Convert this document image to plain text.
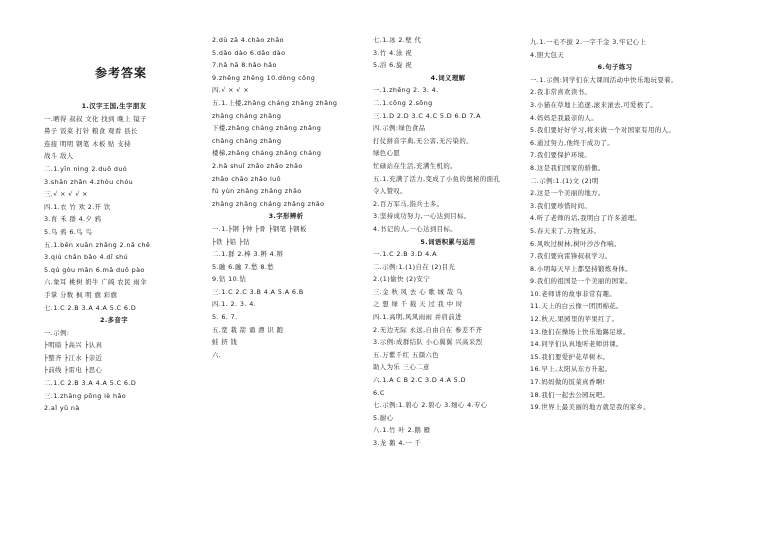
参考答案
1.汉字王国,生字朋友
一.晒得 叔叔 文化 找到 晚上 镜子
鼻子 饭菜 打针 粮食 观看 县长
连接 明明 钢笔 木板 贴 支持
战斗 敌人
二.1.yīn nìng 2.duō duó
3.shān zhǎn 4.zhòu chóu
三.√ × √ √ ×
四.1.衣 竹 欢 2.开 饮
3.育 禾 群 4.夕 鸦
5.乌 鸦 6.鸟 鸟
五.1.bēn xuān zhǎng 2.nǎ chē
3.qiú chǎn bǎo 4.dī shú
5.qú gòu mǎn 6.mǎ duǒ pào
六.象耳 桃树 奶牛 广阔 农民 雨伞
手掌 分数 枫 明 旗 彩旗
七.1.C 2.B 3.A 4.A 5.C 6.D
2.多音字
一.示例:
├明暗 ├高兴 ├认真
├整齐 ├江水 ├亲近
├前线 ├雷电 ├思心
二.1.C 2.B 3.A 4.A 5.C 6.D
三.1.zhāng pōng lè hǎo
2.aǐ yǔ nà
2.dù zā 4.chào zhǎo
5.dǎo dào 6.dǎo dào
7.hǎ hā 8.hǎo hǎo
9.zhēng zhěng 10.dòng cōng
四.√ × √ ×
五.1.上楼,zhǎng cháng zhǎng zhǎng
zhǎng cháng zhǎng
下楼,zhǎng cháng zhǎng zhǎng
chǎng chǎng zhǎng
楼梯,zhǎng cháng zhǎng cháng
2.hǎ shuǐ zhǎo zhǎo zhǎo
zhǎo chāo zhǎo luǒ
fú yùn zhǎng zhǎng zhǎo
zhǎng zhǎng cháng zhǎng zhǎo
3.字形辨析
一.1.├钢 ├钟 ├骨 ├钢笔 ├钢板
├铁 ├铅 ├钻
二.1.群 2.棒 3.辨 4.辩
5.融 6.融 7.愁 8.愁
9.钻 10.钻
三.1.C 2.C 3.B 4.A 5.A 6.B
四.1. 2. 3. 4.
5. 6. 7.
五.宽 栽 箭 诵 漂 识 跑
蛙 挤 钱
六.
七.1.冰 2.壁 代
3.竹 4.泳 祝
5.浴 6.旋 祝
4.词义理解
一.1.zhēng 2. 3. 4.
二.1.cōng 2.sōng
三.1.D 2.D 3.C 4.C 5.D 6.D 7.A
四.示例:绿色食品
打仗拼音字典,无公害,无污染的。
绿色心愿
忙碌站在生活,充满生机的。
五.1.充满了活力,变成了小鱼的奥秘的面孔
令人赞叹。
2.百万军马,指兵士多。
3.坚持成功努力,一心达到目标。
4.书记的人,一心达到目标。
5.词语积累与运用
一.1.C 2.B 3.D 4.A
二.示例:1.(1)自在 (2)目光
2.(1)愉快 (2)安宁
三.金 秋 风 去 心 歌 城 哉 乌
之 想 绿 千 载 天 过 我 中 时
四.1.高明,风风雨雨 并肩前进
2.无边无际 永远,自由自在 参差不齐
3.示例:成群结队 小心翼翼 兴高采烈
五.万紫千红 五颜六色
助人为乐 三心二意
六.1.A C B 2.C 3.D 4.A 5.D
6.C
七.示例:1.碧心 2.碧心 3.细心 4.专心
5.耐心
八.1.竹 叶 2.鹅 雁
3.龙 鹅 4.一 千
九.1.一毛不拔 2.一字千金 3.牢记心上
4.胆大包天
6.句子练习
一.1.示例:同学们在大课间活动中快乐地玩耍着。
2.我非常喜欢读书。
3.小猫在草地上追逐,滚来滚去,可爱极了。
4.妈妈是我最亲的人。
5.我们要好好学习,将来做一个对国家有用的人。
6.通过努力,他终于成功了。
7.我们要保护环境。
8.这是我们国家的骄傲。
二.示例:1.(1)文 (2)明
2.这是一个美丽的地方。
3.我们要珍惜时间。
4.听了老师的话,我明白了许多道理。
5.春天来了,万物复苏。
6.风吹过树林,树叶沙沙作响。
7.我们要向雷锋叔叔学习。
8.小明每天早上都坚持锻炼身体。
9.我们的祖国是一个美丽的国家。
10.老师讲的故事非常有趣。
11.天上的白云像一团团棉花。
12.秋天,果园里的苹果红了。
13.他们在操场上快乐地踢足球。
14.同学们认真地听老师讲课。
15.我们要爱护花草树木。
16.早上,太阳从东方升起。
17.妈妈做的饭菜真香啊!
18.我们一起去公园玩吧。
19.世界上最美丽的地方就是我的家乡。
